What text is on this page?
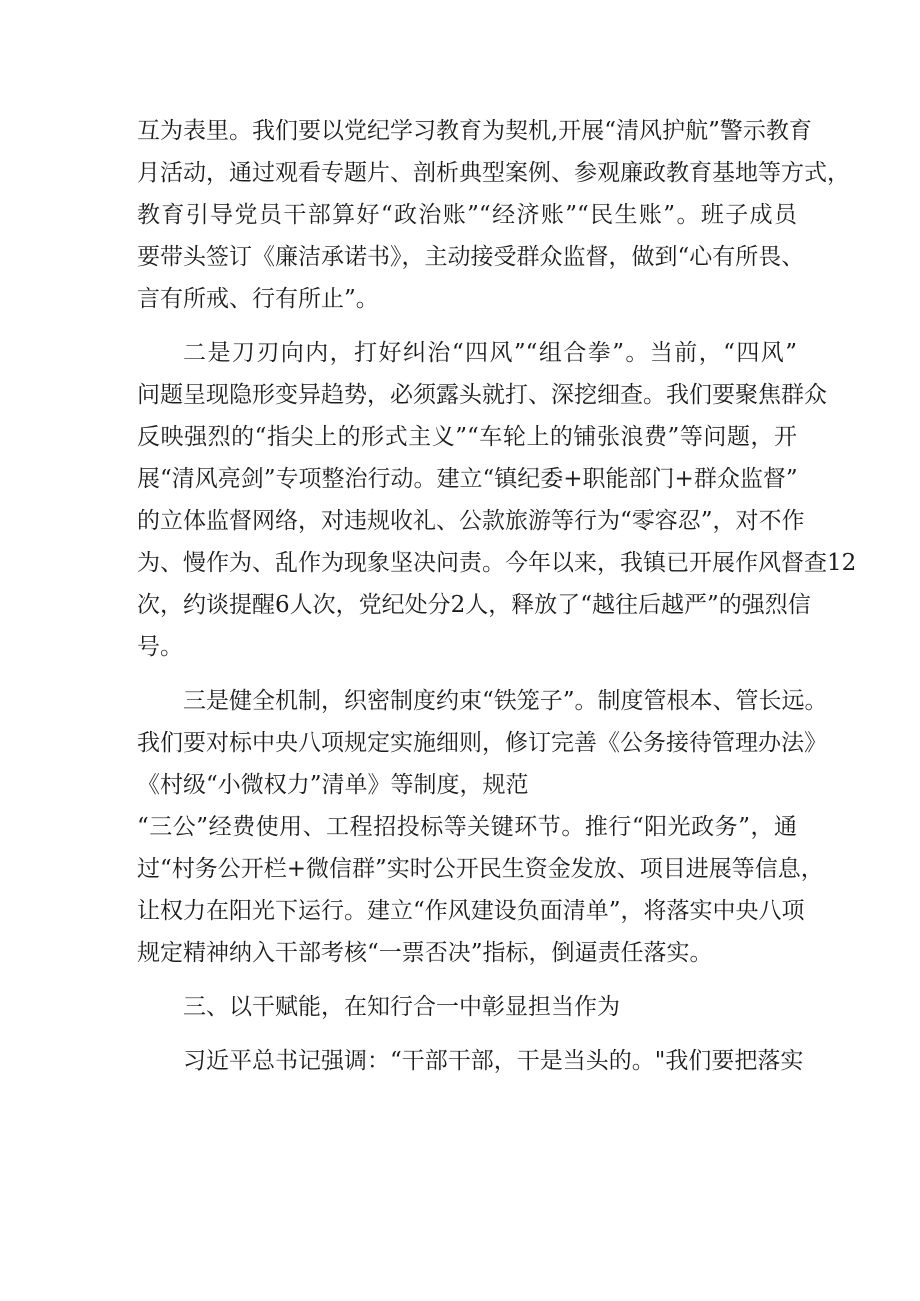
互为表里。我们要以党纪学习教育为契机,开展“清风护航”警示教育
月活动，通过观看专题片、剖析典型案例、参观廉政教育基地等方式，
教育引导党员干部算好“政治账”“经济账”“民生账”。班子成员
要带头签订《廉洁承诺书》，主动接受群众监督，做到“心有所畏、
言有所戒、行有所止”。
二是刀刃向内，打好纠治“四风”“组合拳”。当前，“四风”
问题呈现隐形变异趋势，必须露头就打、深挖细查。我们要聚焦群众
反映强烈的“指尖上的形式主义”“车轮上的铺张浪费”等问题，开
展“清风亮剑”专项整治行动。建立“镇纪委+职能部门+群众监督”
的立体监督网络，对违规收礼、公款旅游等行为“零容忍”，对不作
为、慢作为、乱作为现象坚决问责。今年以来，我镇已开展作风督查12
次，约谈提醒6人次，党纪处分2人，释放了“越往后越严”的强烈信
号。
三是健全机制，织密制度约束“铁笼子”。制度管根本、管长远。
我们要对标中央八项规定实施细则，修订完善《公务接待管理办法》
《村级“小微权力”清单》等制度，规范
“三公”经费使用、工程招投标等关键环节。推行“阳光政务”，通
过“村务公开栏+微信群”实时公开民生资金发放、项目进展等信息，
让权力在阳光下运行。建立“作风建设负面清单”，将落实中央八项
规定精神纳入干部考核“一票否决”指标，倒逼责任落实。
三、以干赋能，在知行合一中彰显担当作为
习近平总书记强调：“干部干部，干是当头的。"我们要把落实
